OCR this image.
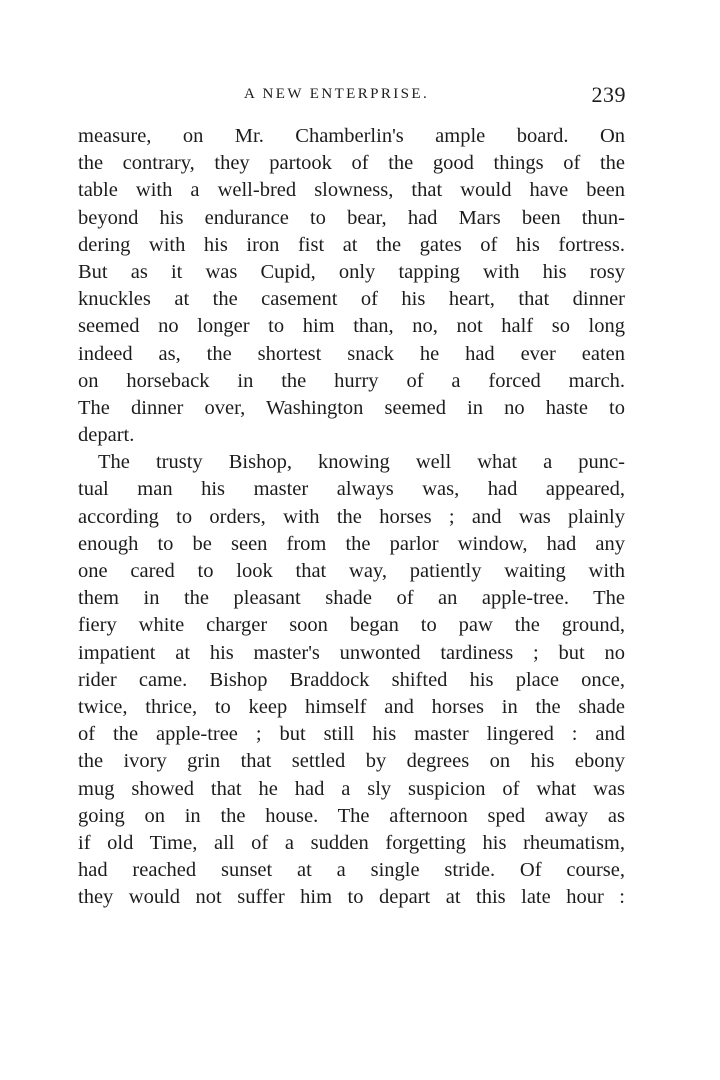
A NEW ENTERPRISE.	239
measure, on Mr. Chamberlin's ample board. On
the contrary, they partook of the good things of the
table with a well-bred slowness, that would have been
beyond his endurance to bear, had Mars been thun-
dering with his iron fist at the gates of his fortress.
But as it was Cupid, only tapping with his rosy
knuckles at the casement of his heart, that dinner
seemed no longer to him than, no, not half so long
indeed as, the shortest snack he had ever eaten
on horseback in the hurry of a forced march.
The dinner over, Washington seemed in no haste to
depart.
The trusty Bishop, knowing well what a punc-
tual man his master always was, had appeared,
according to orders, with the horses ; and was plainly
enough to be seen from the parlor window, had any
one cared to look that way, patiently waiting with
them in the pleasant shade of an apple-tree. The
fiery white charger soon began to paw the ground,
impatient at his master's unwonted tardiness ; but no
rider came. Bishop Braddock shifted his place once,
twice, thrice, to keep himself and horses in the shade
of the apple-tree ; but still his master lingered : and
the ivory grin that settled by degrees on his ebony
mug showed that he had a sly suspicion of what was
going on in the house. The afternoon sped away as
if old Time, all of a sudden forgetting his rheumatism,
had reached sunset at a single stride. Of course,
they would not suffer him to depart at this late hour :
